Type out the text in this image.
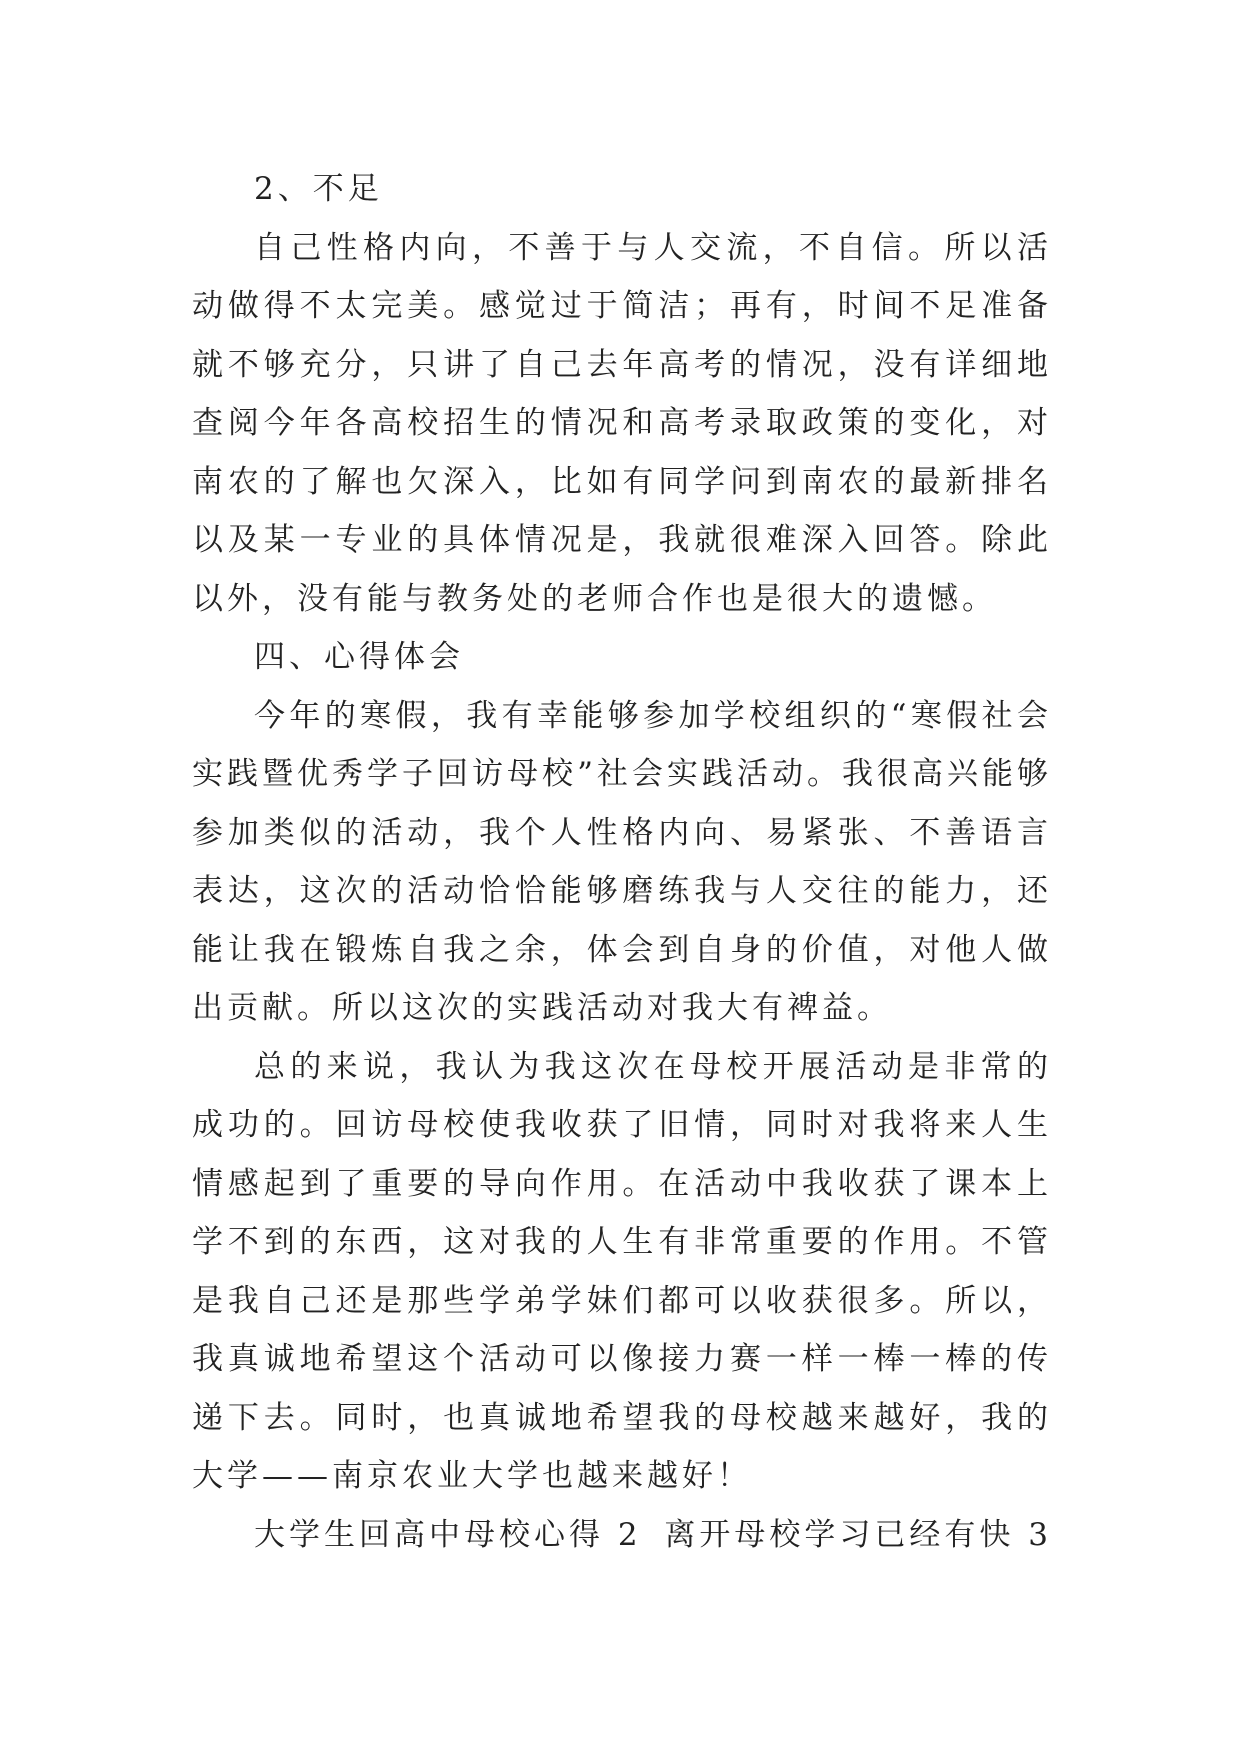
2、不足

自己性格内向，不善于与人交流，不自信。所以活动做得不太完美。感觉过于简洁；再有，时间不足准备就不够充分，只讲了自己去年高考的情况，没有详细地查阅今年各高校招生的情况和高考录取政策的变化，对南农的了解也欠深入，比如有同学问到南农的最新排名以及某一专业的具体情况是，我就很难深入回答。除此以外，没有能与教务处的老师合作也是很大的遗憾。

四、心得体会

今年的寒假，我有幸能够参加学校组织的“寒假社会实践暨优秀学子回访母校”社会实践活动。我很高兴能够参加类似的活动，我个人性格内向、易紧张、不善语言表达，这次的活动恰恰能够磨练我与人交往的能力，还能让我在锻炼自我之余，体会到自身的价值，对他人做出贡献。所以这次的实践活动对我大有裨益。

总的来说，我认为我这次在母校开展活动是非常的成功的。回访母校使我收获了旧情，同时对我将来人生情感起到了重要的导向作用。在活动中我收获了课本上学不到的东西，这对我的人生有非常重要的作用。不管是我自己还是那些学弟学妹们都可以收获很多。所以，我真诚地希望这个活动可以像接力赛一样一棒一棒的传递下去。同时，也真诚地希望我的母校越来越好，我的大学——南京农业大学也越来越好！

大学生回高中母校心得 2 离开母校学习已经有快 3
